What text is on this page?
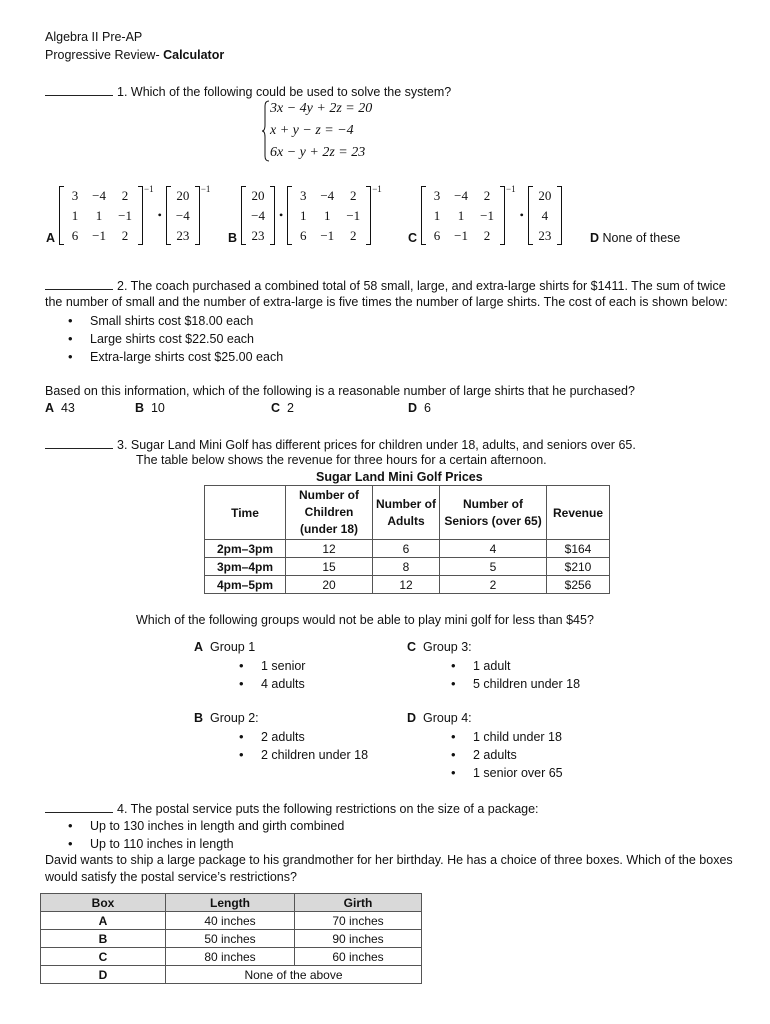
Algebra II Pre-AP
Progressive Review- Calculator
1. Which of the following could be used to solve the system?
3x − 4y + 2z = 20
x + y − z = −4
6x − y + 2z = 23
A
3	−4	2
1	1	−1
6	−1	2
−1
•
20
−4
23
−1
B
20
−4
23
•
3	−4	2
1	1	−1
6	−1	2
−1
C
3	−4	2
1	1	−1
6	−1	2
−1
•
20
4
23	D None of these
2. The coach purchased a combined total of 58 small, large, and extra-large shirts for $1411. The sum of twice
the number of small and the number of extra-large is five times the number of large shirts. The cost of each is shown below:
• Small shirts cost $18.00 each
• Large shirts cost $22.50 each
• Extra-large shirts cost $25.00 each
Based on this information, which of the following is a reasonable number of large shirts that he purchased?
A 43	B 10	C 2	D 6
3. Sugar Land Mini Golf has different prices for children under 18, adults, and seniors over 65.
The table below shows the revenue for three hours for a certain afternoon.
Sugar Land Mini Golf Prices
Time	Number of Children (under 18)	Number of Adults	Number of Seniors (over 65)	Revenue
2pm–3pm	12	6	4	$164
3pm–4pm	15	8	5	$210
4pm–5pm	20	12	2	$256
Which of the following groups would not be able to play mini golf for less than $45?
A Group 1
• 1 senior
• 4 adults
C Group 3:
• 1 adult
• 5 children under 18
B Group 2:
• 2 adults
• 2 children under 18
D Group 4:
• 1 child under 18
• 2 adults
• 1 senior over 65
4. The postal service puts the following restrictions on the size of a package:
• Up to 130 inches in length and girth combined
• Up to 110 inches in length
David wants to ship a large package to his grandmother for her birthday. He has a choice of three boxes. Which of the boxes
would satisfy the postal service’s restrictions?
Box	Length	Girth
A	40 inches	70 inches
B	50 inches	90 inches
C	80 inches	60 inches
D	None of the above	
